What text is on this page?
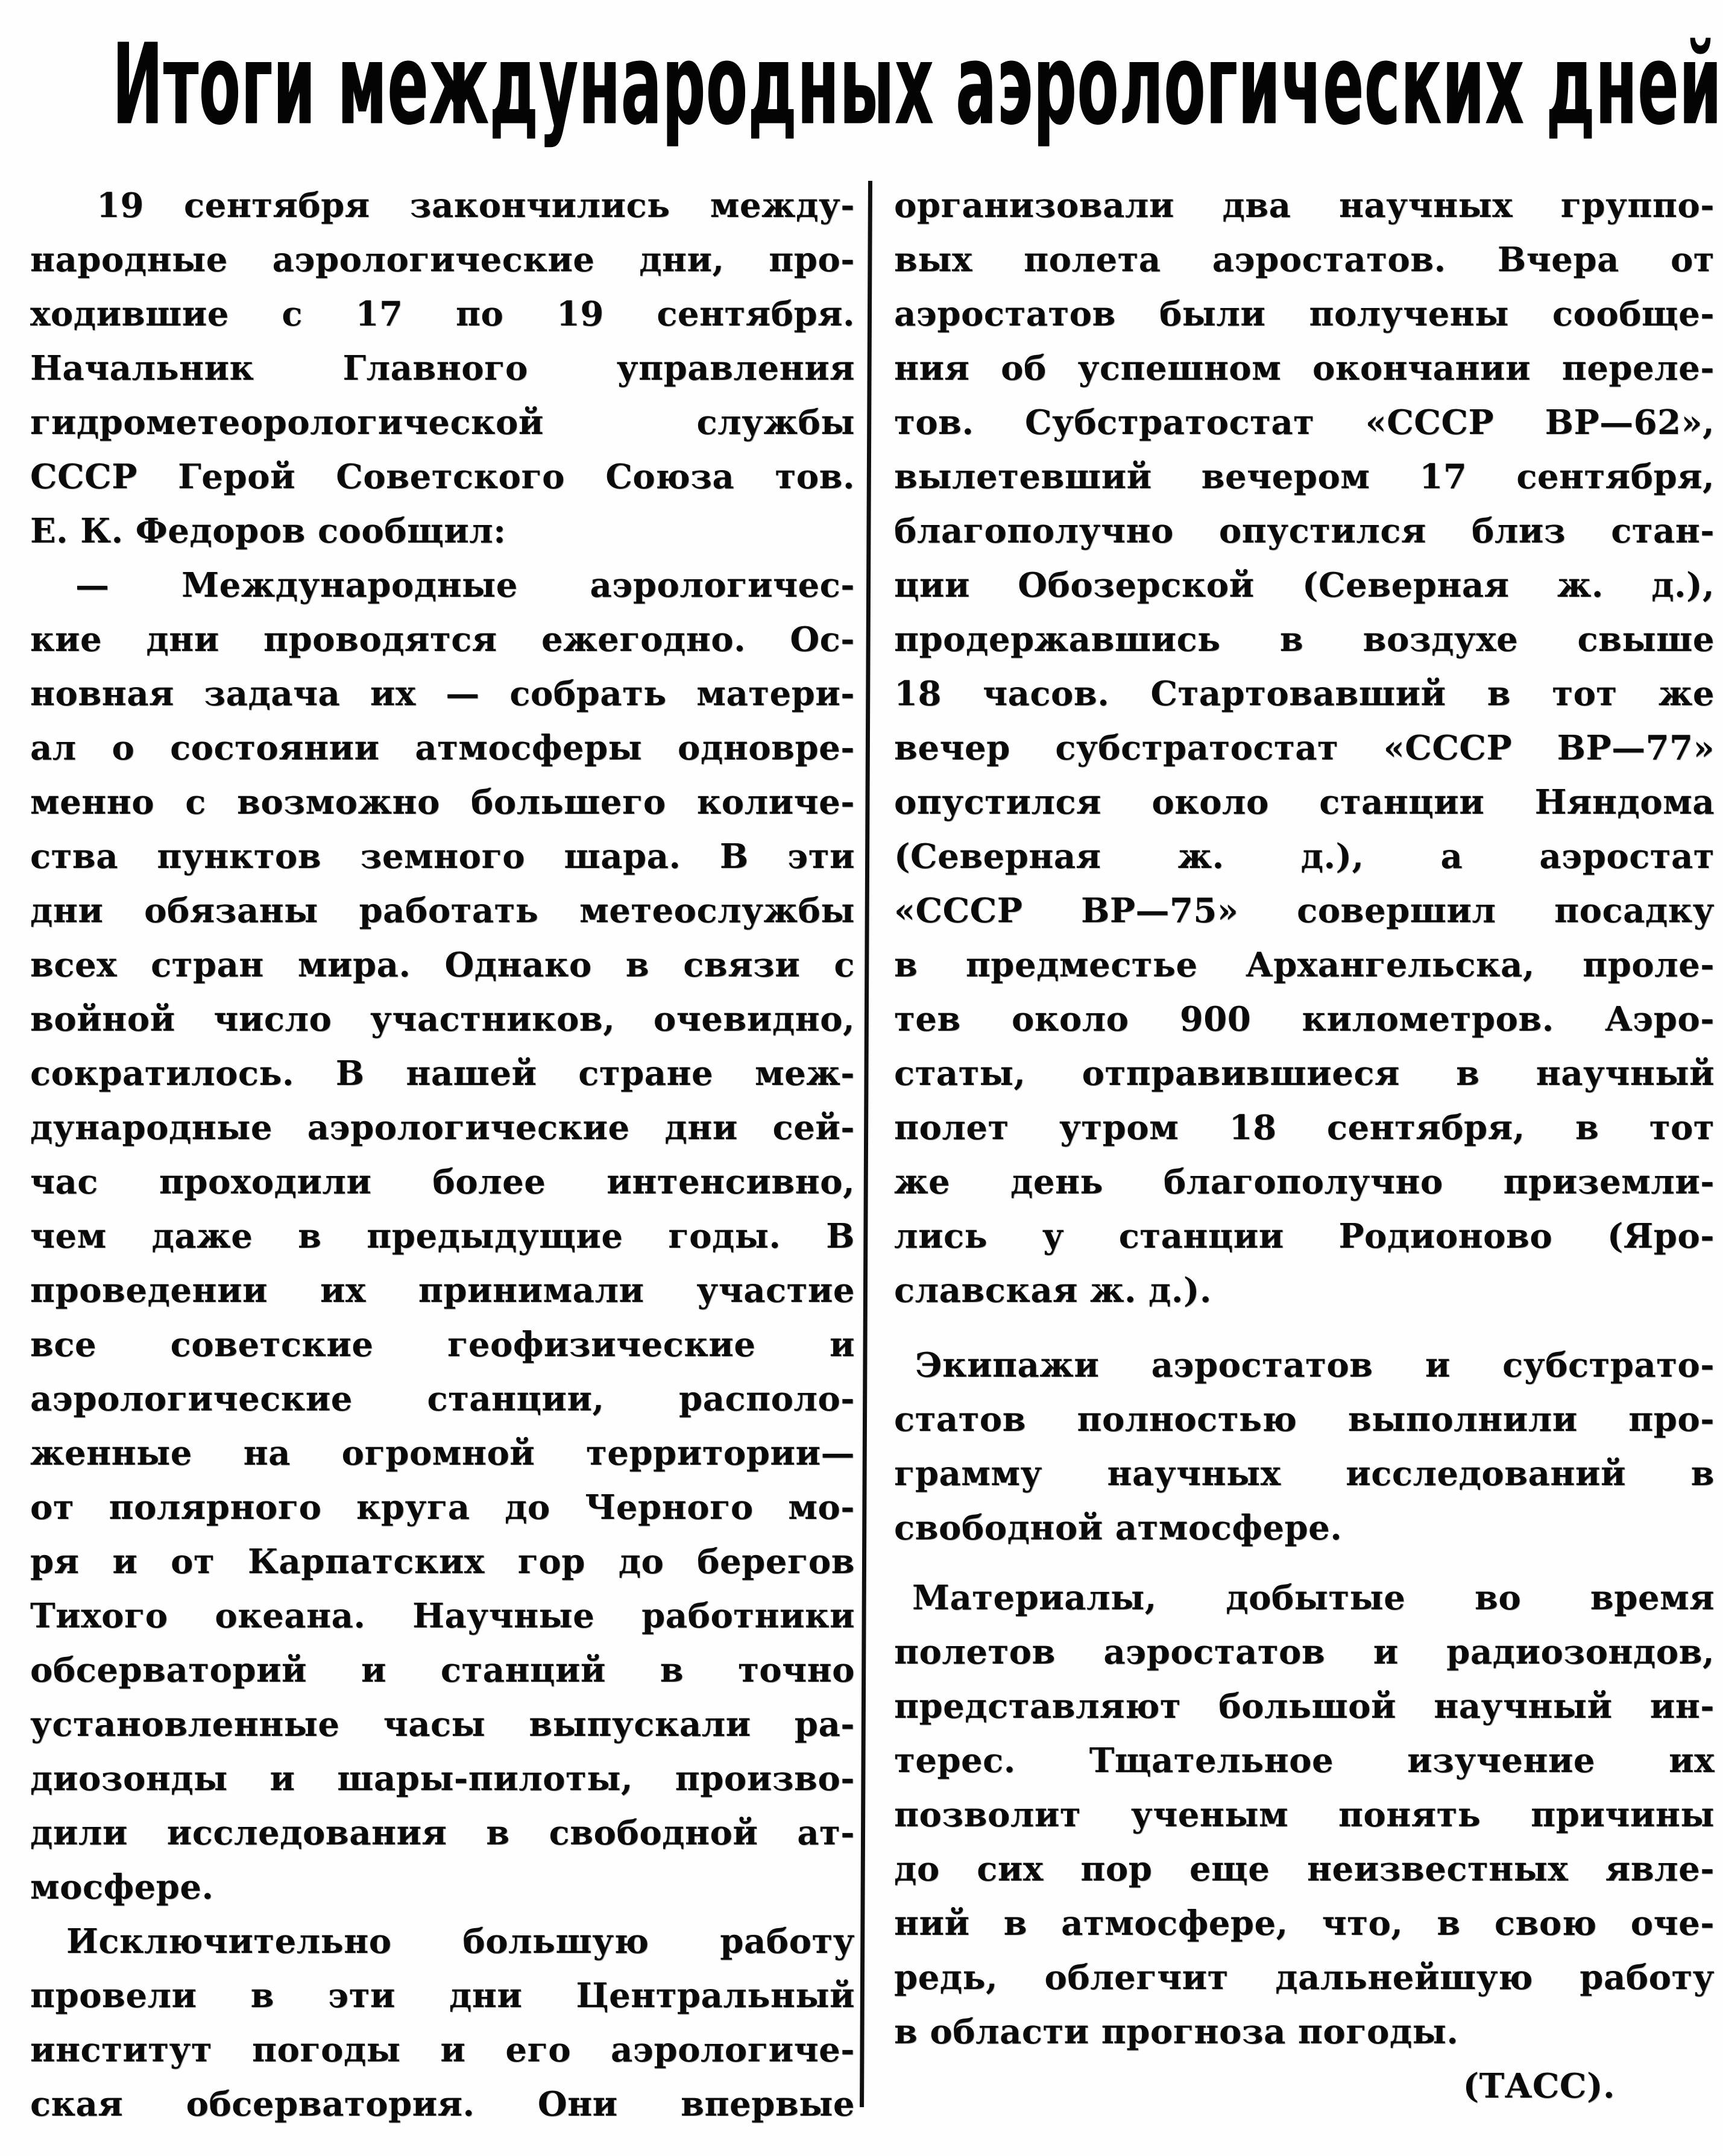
Итоги международных аэрологических дней
19 сентября закончились между-
народные аэрологические дни, про-
ходившие с 17 по 19 сентября.
Начальник Главного управления
гидрометеорологической службы
СССР Герой Советского Союза тов.
Е. К. Федоров сообщил:
— Международные аэрологичес-
кие дни проводятся ежегодно. Ос-
новная задача их — собрать матери-
ал о состоянии атмосферы одновре-
менно с возможно большего количе-
ства пунктов земного шара. В эти
дни обязаны работать метеослужбы
всех стран мира. Однако в связи с
войной число участников, очевидно,
сократилось. В нашей стране меж-
дународные аэрологические дни сей-
час проходили более интенсивно,
чем даже в предыдущие годы. В
проведении их принимали участие
все советские геофизические и
аэрологические станции, располо-
женные на огромной территории—
от полярного круга до Черного мо-
ря и от Карпатских гор до берегов
Тихого океана. Научные работники
обсерваторий и станций в точно
установленные часы выпускали ра-
диозонды и шары-пилоты, произво-
дили исследования в свободной ат-
мосфере.
Исключительно большую работу
провели в эти дни Центральный
институт погоды и его аэрологиче-
ская обсерватория. Они впервые
организовали два научных группо-
вых полета аэростатов. Вчера от
аэростатов были получены сообще-
ния об успешном окончании переле-
тов. Субстратостат «СССР ВР—62»,
вылетевший вечером 17 сентября,
благополучно опустился близ стан-
ции Обозерской (Северная ж. д.),
продержавшись в воздухе свыше
18 часов. Стартовавший в тот же
вечер субстратостат «СССР ВР—77»
опустился около станции Няндома
(Северная ж. д.), а аэростат
«СССР ВР—75» совершил посадку
в предместье Архангельска, проле-
тев около 900 километров. Аэро-
статы, отправившиеся в научный
полет утром 18 сентября, в тот
же день благополучно приземли-
лись у станции Родионово (Яро-
славская ж. д.).
Экипажи аэростатов и субстрато-
статов полностью выполнили про-
грамму научных исследований в
свободной атмосфере.
Материалы, добытые во время
полетов аэростатов и радиозондов,
представляют большой научный ин-
терес. Тщательное изучение их
позволит ученым понять причины
до сих пор еще неизвестных явле-
ний в атмосфере, что, в свою оче-
редь, облегчит дальнейшую работу
в области прогноза погоды.
(ТАСС).
